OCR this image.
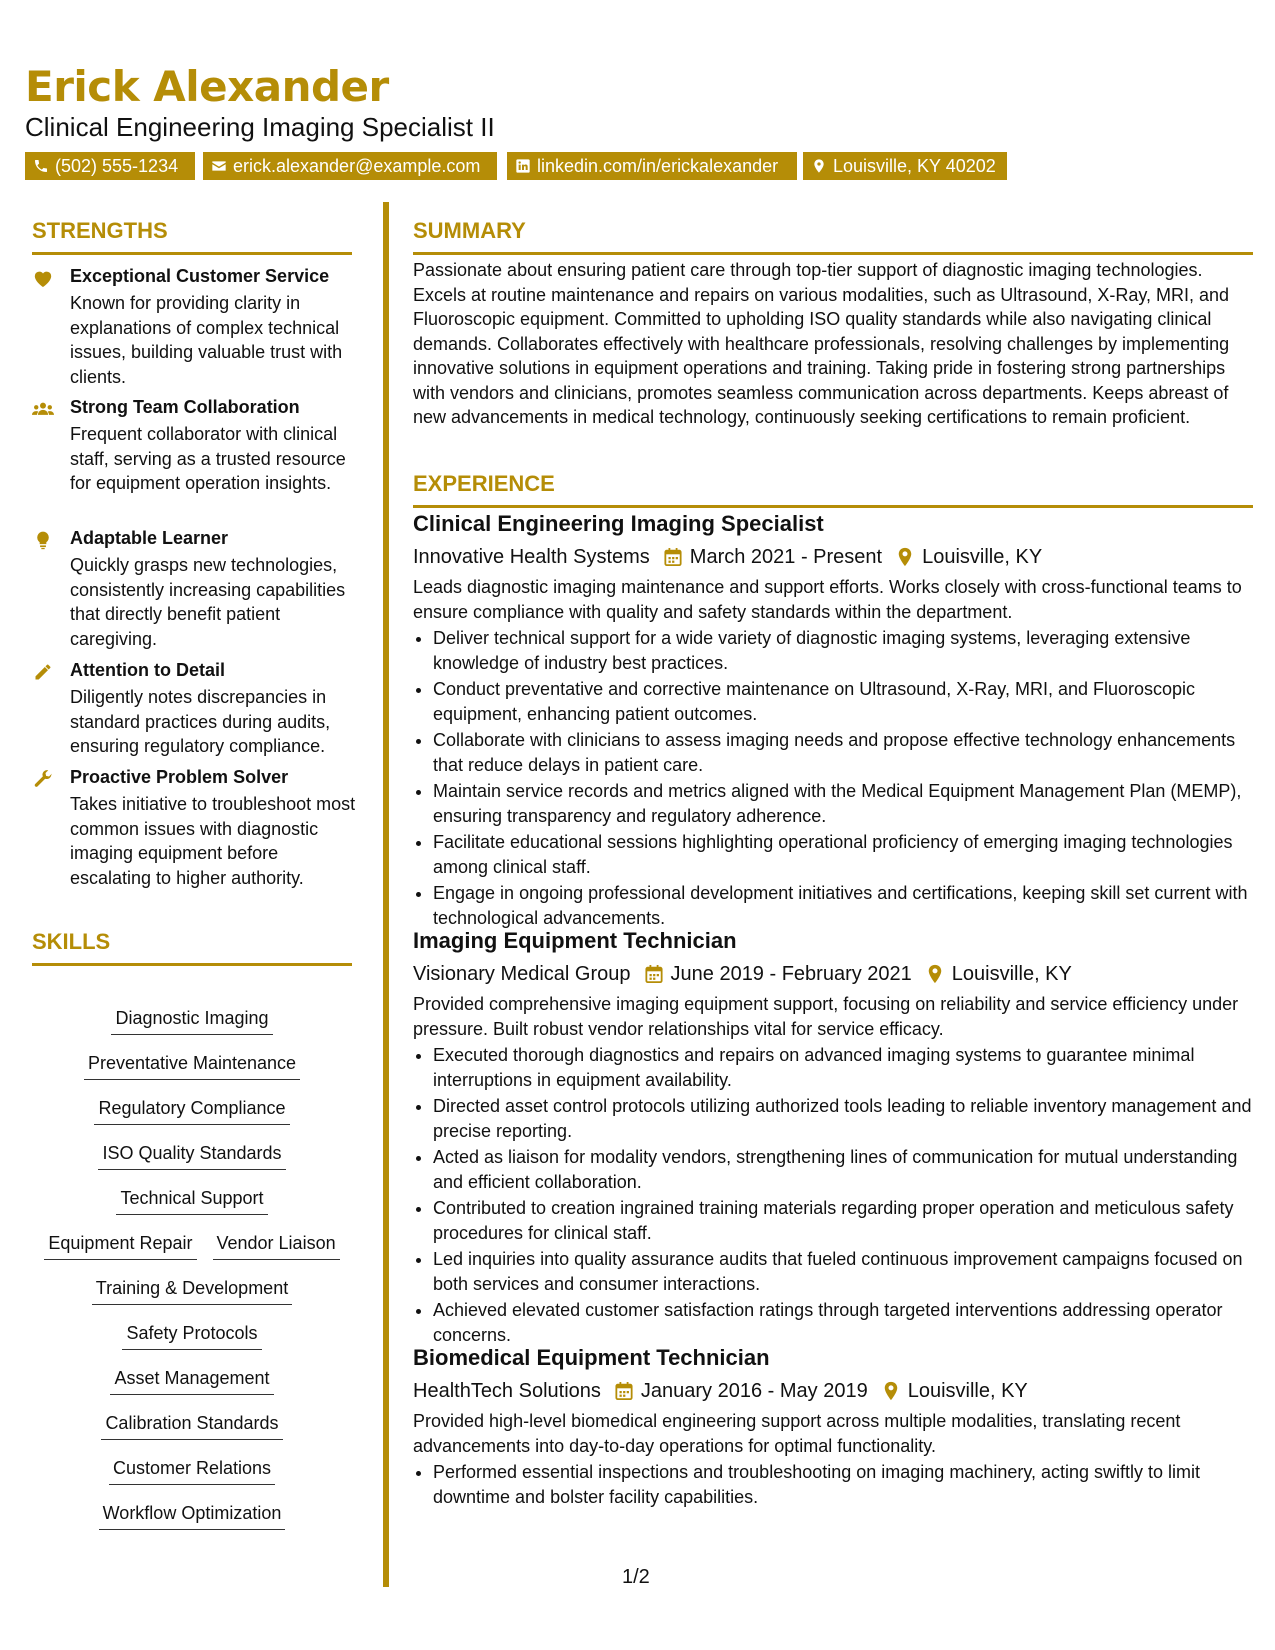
Erick Alexander
Clinical Engineering Imaging Specialist II
(502) 555-1234	erick.alexander@example.com	linkedin.com/in/erickalexander	Louisville, KY 40202
STRENGTHS
Exceptional Customer Service
Known for providing clarity in explanations of complex technical issues, building valuable trust with clients.
Strong Team Collaboration
Frequent collaborator with clinical staff, serving as a trusted resource for equipment operation insights.
Adaptable Learner
Quickly grasps new technologies, consistently increasing capabilities that directly benefit patient caregiving.
Attention to Detail
Diligently notes discrepancies in standard practices during audits, ensuring regulatory compliance.
Proactive Problem Solver
Takes initiative to troubleshoot most common issues with diagnostic imaging equipment before escalating to higher authority.
SKILLS
Diagnostic Imaging
Preventative Maintenance
Regulatory Compliance
ISO Quality Standards
Technical Support
Equipment Repair Vendor Liaison
Training & Development
Safety Protocols
Asset Management
Calibration Standards
Customer Relations
Workflow Optimization
SUMMARY
Passionate about ensuring patient care through top-tier support of diagnostic imaging technologies. Excels at routine maintenance and repairs on various modalities, such as Ultrasound, X-Ray, MRI, and Fluoroscopic equipment. Committed to upholding ISO quality standards while also navigating clinical demands. Collaborates effectively with healthcare professionals, resolving challenges by implementing innovative solutions in equipment operations and training. Taking pride in fostering strong partnerships with vendors and clinicians, promotes seamless communication across departments. Keeps abreast of new advancements in medical technology, continuously seeking certifications to remain proficient.
EXPERIENCE
Clinical Engineering Imaging Specialist
Innovative Health Systems March 2021 - Present Louisville, KY
Leads diagnostic imaging maintenance and support efforts. Works closely with cross-functional teams to ensure compliance with quality and safety standards within the department.
• Deliver technical support for a wide variety of diagnostic imaging systems, leveraging extensive knowledge of industry best practices.
• Conduct preventative and corrective maintenance on Ultrasound, X-Ray, MRI, and Fluoroscopic equipment, enhancing patient outcomes.
• Collaborate with clinicians to assess imaging needs and propose effective technology enhancements that reduce delays in patient care.
• Maintain service records and metrics aligned with the Medical Equipment Management Plan (MEMP), ensuring transparency and regulatory adherence.
• Facilitate educational sessions highlighting operational proficiency of emerging imaging technologies among clinical staff.
• Engage in ongoing professional development initiatives and certifications, keeping skill set current with technological advancements.
Imaging Equipment Technician
Visionary Medical Group June 2019 - February 2021 Louisville, KY
Provided comprehensive imaging equipment support, focusing on reliability and service efficiency under pressure. Built robust vendor relationships vital for service efficacy.
• Executed thorough diagnostics and repairs on advanced imaging systems to guarantee minimal interruptions in equipment availability.
• Directed asset control protocols utilizing authorized tools leading to reliable inventory management and precise reporting.
• Acted as liaison for modality vendors, strengthening lines of communication for mutual understanding and efficient collaboration.
• Contributed to creation ingrained training materials regarding proper operation and meticulous safety procedures for clinical staff.
• Led inquiries into quality assurance audits that fueled continuous improvement campaigns focused on both services and consumer interactions.
• Achieved elevated customer satisfaction ratings through targeted interventions addressing operator concerns.
Biomedical Equipment Technician
HealthTech Solutions January 2016 - May 2019 Louisville, KY
Provided high-level biomedical engineering support across multiple modalities, translating recent advancements into day-to-day operations for optimal functionality.
• Performed essential inspections and troubleshooting on imaging machinery, acting swiftly to limit downtime and bolster facility capabilities.
1/2
